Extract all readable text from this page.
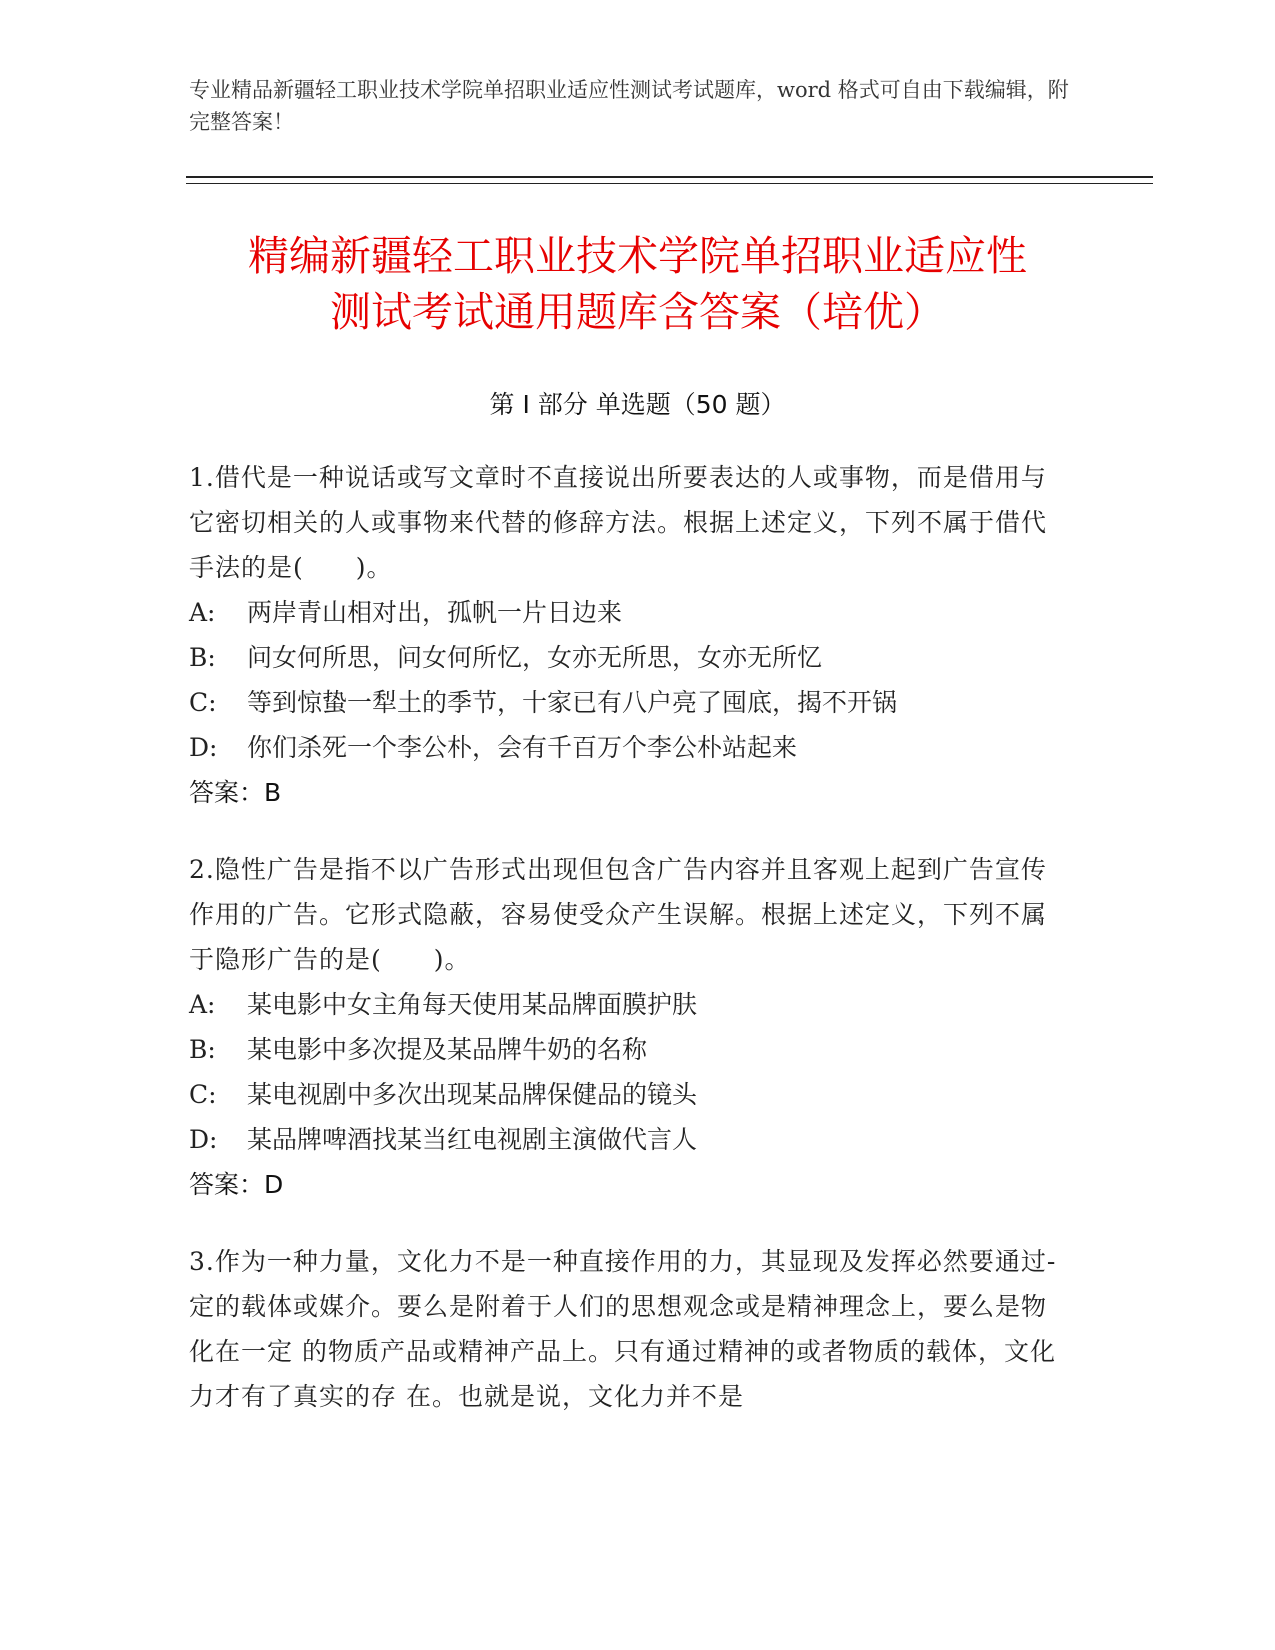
专业精品新疆轻工职业技术学院单招职业适应性测试考试题库，word 格式可自由下载编辑，附完整答案！
精编新疆轻工职业技术学院单招职业适应性
测试考试通用题库含答案（培优）
第 I 部分 单选题（50 题）

1.借代是一种说话或写文章时不直接说出所要表达的人或事物，而是借用与它密切相关的人或事物来代替的修辞方法。根据上述定义，下列不属于借代手法的是(　　)。

A: 两岸青山相对出，孤帆一片日边来

B: 问女何所思，问女何所忆，女亦无所思，女亦无所忆

C: 等到惊蛰一犁土的季节，十家已有八户亮了囤底，揭不开锅

D: 你们杀死一个李公朴，会有千百万个李公朴站起来

答案：B

2.隐性广告是指不以广告形式出现但包含广告内容并且客观上起到广告宣传作用的广告。它形式隐蔽，容易使受众产生误解。根据上述定义，下列不属于隐形广告的是(　　)。

A: 某电影中女主角每天使用某品牌面膜护肤

B: 某电影中多次提及某品牌牛奶的名称

C: 某电视剧中多次出现某品牌保健品的镜头

D: 某品牌啤酒找某当红电视剧主演做代言人

答案：D

3.作为一种力量，文化力不是一种直接作用的力，其显现及发挥必然要通过-定的载体或媒介。要么是附着于人们的思想观念或是精神理念上，要么是物化在一定 的物质产品或精神产品上。只有通过精神的或者物质的载体，文化力才有了真实的存 在。也就是说，文化力并不是
